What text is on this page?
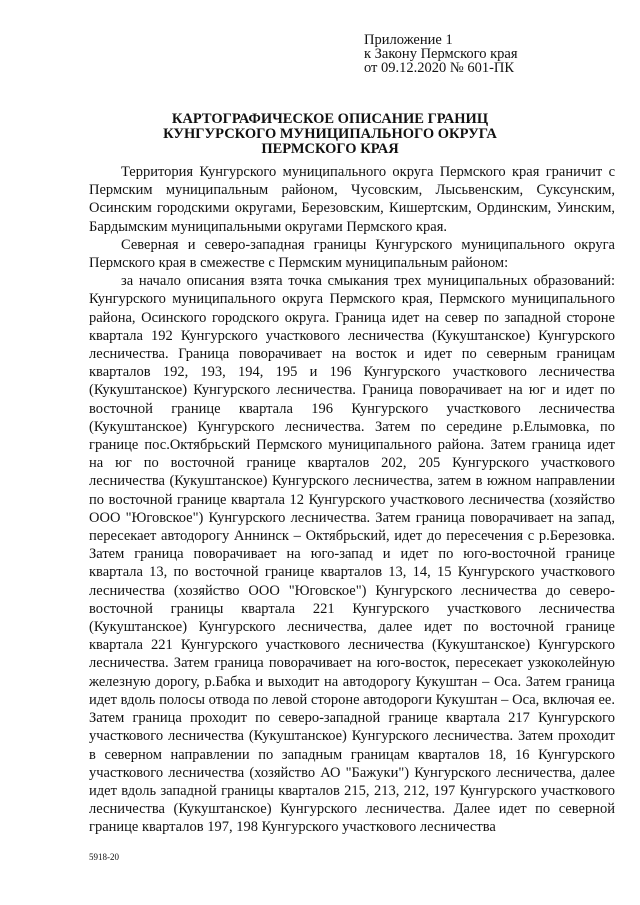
Приложение 1
к Закону Пермского края
от 09.12.2020 № 601-ПК
КАРТОГРАФИЧЕСКОЕ ОПИСАНИЕ ГРАНИЦ
КУНГУРСКОГО МУНИЦИПАЛЬНОГО ОКРУГА
ПЕРМСКОГО КРАЯ

Территория Кунгурского муниципального округа Пермского края граничит с Пермским муниципальным районом, Чусовским, Лысьвенским, Суксунским, Осинским городскими округами, Березовским, Кишертским, Ординским, Уинским, Бардымским муниципальными округами Пермского края.

Северная и северо-западная границы Кунгурского муниципального округа Пермского края в смежестве с Пермским муниципальным районом:

за начало описания взята точка смыкания трех муниципальных образований: Кунгурского муниципального округа Пермского края, Пермского муниципального района, Осинского городского округа. Граница идет на север по западной стороне квартала 192 Кунгурского участкового лесничества (Кукуштанское) Кунгурского лесничества. Граница поворачивает на восток и идет по северным границам кварталов 192, 193, 194, 195 и 196 Кунгурского участкового лесничества (Кукуштанское) Кунгурского лесничества. Граница поворачивает на юг и идет по восточной границе квартала 196 Кунгурского участкового лесничества (Кукуштанское) Кунгурского лесничества. Затем по середине р.Елымовка, по границе пос.Октябрьский Пермского муниципального района. Затем граница идет на юг по восточной границе кварталов 202, 205 Кунгурского участкового лесничества (Кукуштанское) Кунгурского лесничества, затем в южном направлении по восточной границе квартала 12 Кунгурского участкового лесничества (хозяйство ООО "Юговское") Кунгурского лесничества. Затем граница поворачивает на запад, пересекает автодорогу Аннинск – Октябрьский, идет до пересечения с р.Березовка. Затем граница поворачивает на юго-запад и идет по юго-восточной границе квартала 13, по восточной границе кварталов 13, 14, 15 Кунгурского участкового лесничества (хозяйство ООО "Юговское") Кунгурского лесничества до северо-восточной границы квартала 221 Кунгурского участкового лесничества (Кукуштанское) Кунгурского лесничества, далее идет по восточной границе квартала 221 Кунгурского участкового лесничества (Кукуштанское) Кунгурского лесничества. Затем граница поворачивает на юго-восток, пересекает узкоколейную железную дорогу, р.Бабка и выходит на автодорогу Кукуштан – Оса. Затем граница идет вдоль полосы отвода по левой стороне автодороги Кукуштан – Оса, включая ее. Затем граница проходит по северо-западной границе квартала 217 Кунгурского участкового лесничества (Кукуштанское) Кунгурского лесничества. Затем проходит в северном направлении по западным границам кварталов 18, 16 Кунгурского участкового лесничества (хозяйство АО "Бажуки") Кунгурского лесничества, далее идет вдоль западной границы кварталов 215, 213, 212, 197 Кунгурского участкового лесничества (Кукуштанское) Кунгурского лесничества. Далее идет по северной границе кварталов 197, 198 Кунгурского участкового лесничества

5918-20
